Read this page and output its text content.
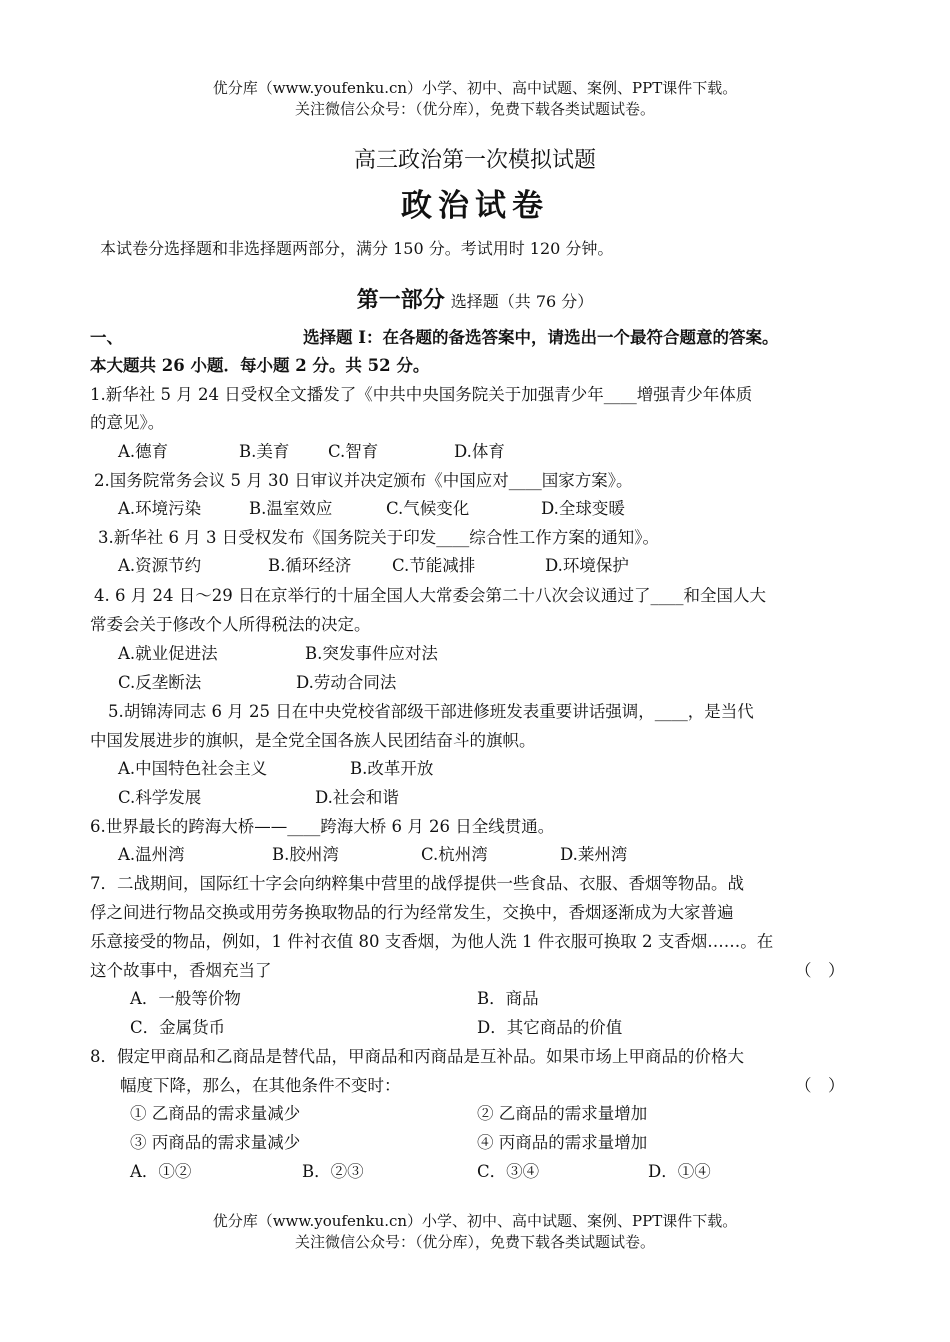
优分库（www.youfenku.cn）小学、初中、高中试题、案例、PPT课件下载。
关注微信公众号：（优分库），免费下载各类试题试卷。
高三政治第一次模拟试题
政治试卷
本试卷分选择题和非选择题两部分，满分 150 分。考试用时 120 分钟。
第一部分 选择题（共 76 分）
一、	选择题 I：在各题的备选答案中，请选出一个最符合题意的答案。
本大题共 26 小题．每小题 2 分。共 52 分。
1.新华社 5 月 24 日受权全文播发了《中共中央国务院关于加强青少年____增强青少年体质
的意见》。
A.德育	B.美育 C.智育	D.体育
2.国务院常务会议 5 月 30 日审议并决定颁布《中国应对____国家方案》。
A.环境污染	B.温室效应	C.气候变化	D.全球变暖
3.新华社 6 月 3 日受权发布《国务院关于印发____综合性工作方案的通知》。
A.资源节约	B.循环经济 C.节能减排	D.环境保护
4. 6 月 24 日～29 日在京举行的十届全国人大常委会第二十八次会议通过了____和全国人大
常委会关于修改个人所得税法的决定。
A.就业促进法	B.突发事件应对法
C.反垄断法	D.劳动合同法
5.胡锦涛同志 6 月 25 日在中央党校省部级干部进修班发表重要讲话强调，____，是当代
中国发展进步的旗帜，是全党全国各族人民团结奋斗的旗帜。
A.中国特色社会主义	B.改革开放
C.科学发展	D.社会和谐
6.世界最长的跨海大桥——____跨海大桥 6 月 26 日全线贯通。
A.温州湾	B.胶州湾	C.杭州湾	D.莱州湾
7．二战期间，国际红十字会向纳粹集中营里的战俘提供一些食品、衣服、香烟等物品。战
俘之间进行物品交换或用劳务换取物品的行为经常发生，交换中，香烟逐渐成为大家普遍
乐意接受的物品，例如，1 件衬衣值 80 支香烟，为他人洗 1 件衣服可换取 2 支香烟……。在
这个故事中，香烟充当了	（　）
A．一般等价物	B．商品
C．金属货币	D．其它商品的价值
8．假定甲商品和乙商品是替代品，甲商品和丙商品是互补品。如果市场上甲商品的价格大
幅度下降，那么，在其他条件不变时：	（　）
① 乙商品的需求量减少	② 乙商品的需求量增加
③ 丙商品的需求量减少	④ 丙商品的需求量增加
A．①②	B．②③	C．③④	D．①④
优分库（www.youfenku.cn）小学、初中、高中试题、案例、PPT课件下载。
关注微信公众号：（优分库），免费下载各类试题试卷。
